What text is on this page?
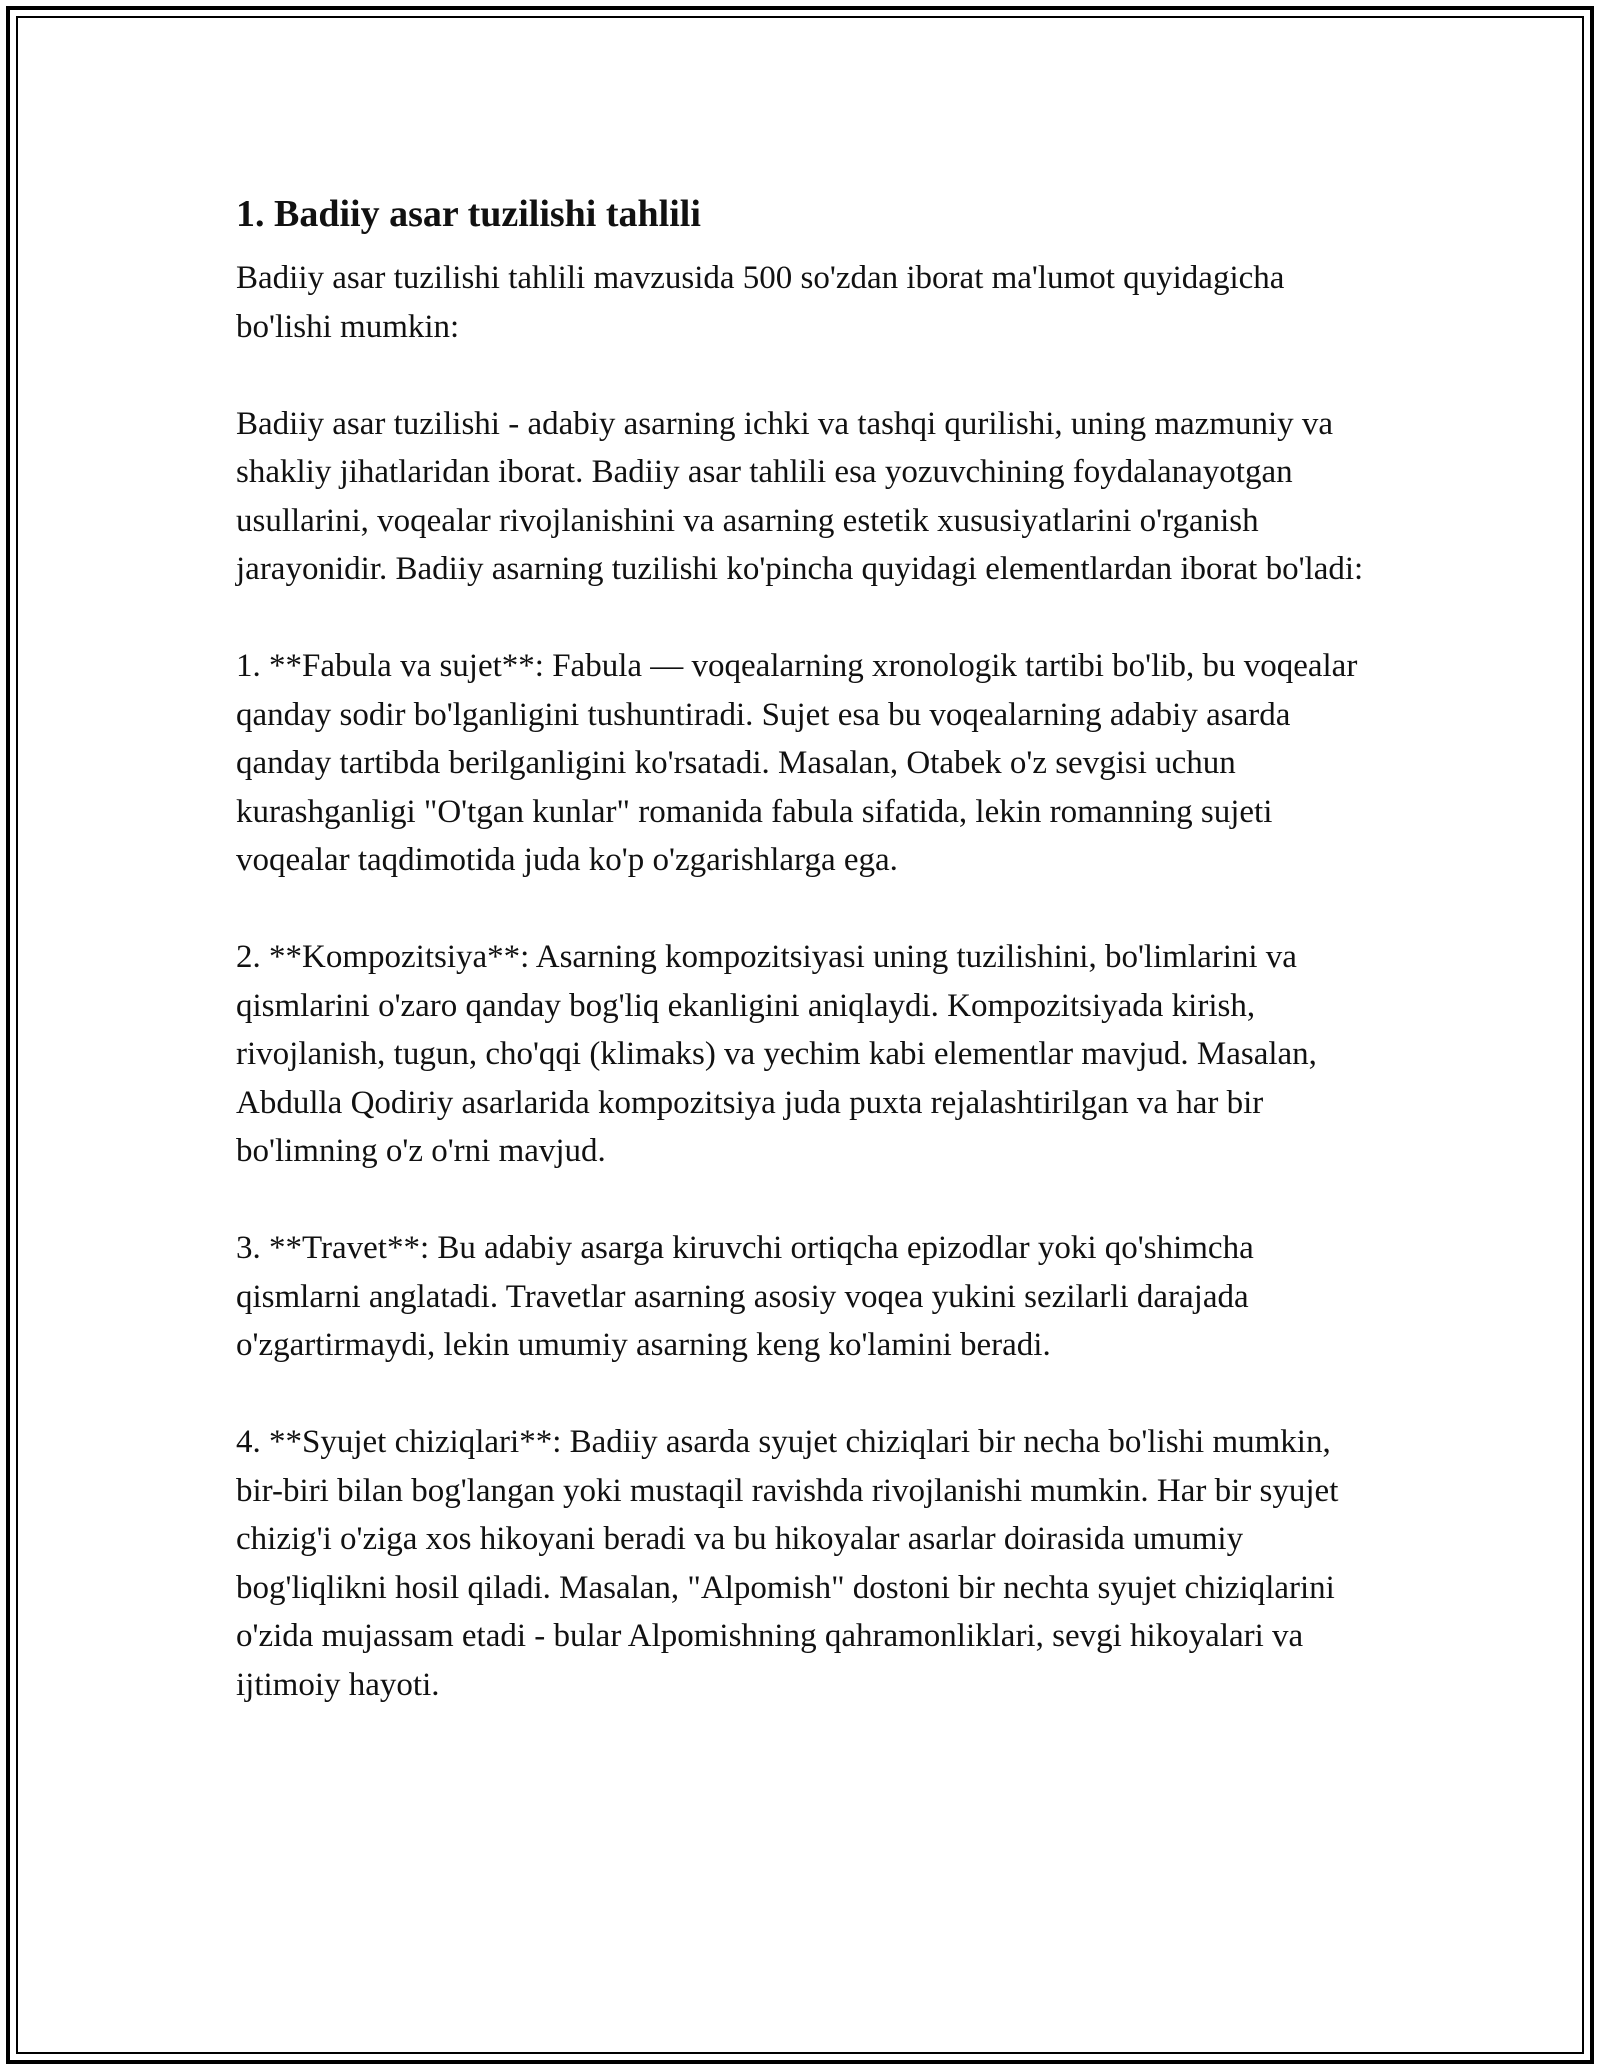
1. Badiiy asar tuzilishi tahlili

Badiiy asar tuzilishi tahlili mavzusida 500 so'zdan iborat ma'lumot quyidagicha bo'lishi mumkin:

Badiiy asar tuzilishi - adabiy asarning ichki va tashqi qurilishi, uning mazmuniy va shakliy jihatlaridan iborat. Badiiy asar tahlili esa yozuvchining foydalanayotgan usullarini, voqealar rivojlanishini va asarning estetik xususiyatlarini o'rganish jarayonidir. Badiiy asarning tuzilishi ko'pincha quyidagi elementlardan iborat bo'ladi:

1. **Fabula va sujet**: Fabula — voqealarning xronologik tartibi bo'lib, bu voqealar qanday sodir bo'lganligini tushuntiradi. Sujet esa bu voqealarning adabiy asarda qanday tartibda berilganligini ko'rsatadi. Masalan, Otabek o'z sevgisi uchun kurashganligi "O'tgan kunlar" romanida fabula sifatida, lekin romanning sujeti voqealar taqdimotida juda ko'p o'zgarishlarga ega.

2. **Kompozitsiya**: Asarning kompozitsiyasi uning tuzilishini, bo'limlarini va qismlarini o'zaro qanday bog'liq ekanligini aniqlaydi. Kompozitsiyada kirish, rivojlanish, tugun, cho'qqi (klimaks) va yechim kabi elementlar mavjud. Masalan, Abdulla Qodiriy asarlarida kompozitsiya juda puxta rejalashtirilgan va har bir bo'limning o'z o'rni mavjud.

3. **Travet**: Bu adabiy asarga kiruvchi ortiqcha epizodlar yoki qo'shimcha qismlarni anglatadi. Travetlar asarning asosiy voqea yukini sezilarli darajada o'zgartirmaydi, lekin umumiy asarning keng ko'lamini beradi.

4. **Syujet chiziqlari**: Badiiy asarda syujet chiziqlari bir necha bo'lishi mumkin, bir-biri bilan bog'langan yoki mustaqil ravishda rivojlanishi mumkin. Har bir syujet chizig'i o'ziga xos hikoyani beradi va bu hikoyalar asarlar doirasida umumiy bog'liqlikni hosil qiladi. Masalan, "Alpomish" dostoni bir nechta syujet chiziqlarini o'zida mujassam etadi - bular Alpomishning qahramonliklari, sevgi hikoyalari va ijtimoiy hayoti.
